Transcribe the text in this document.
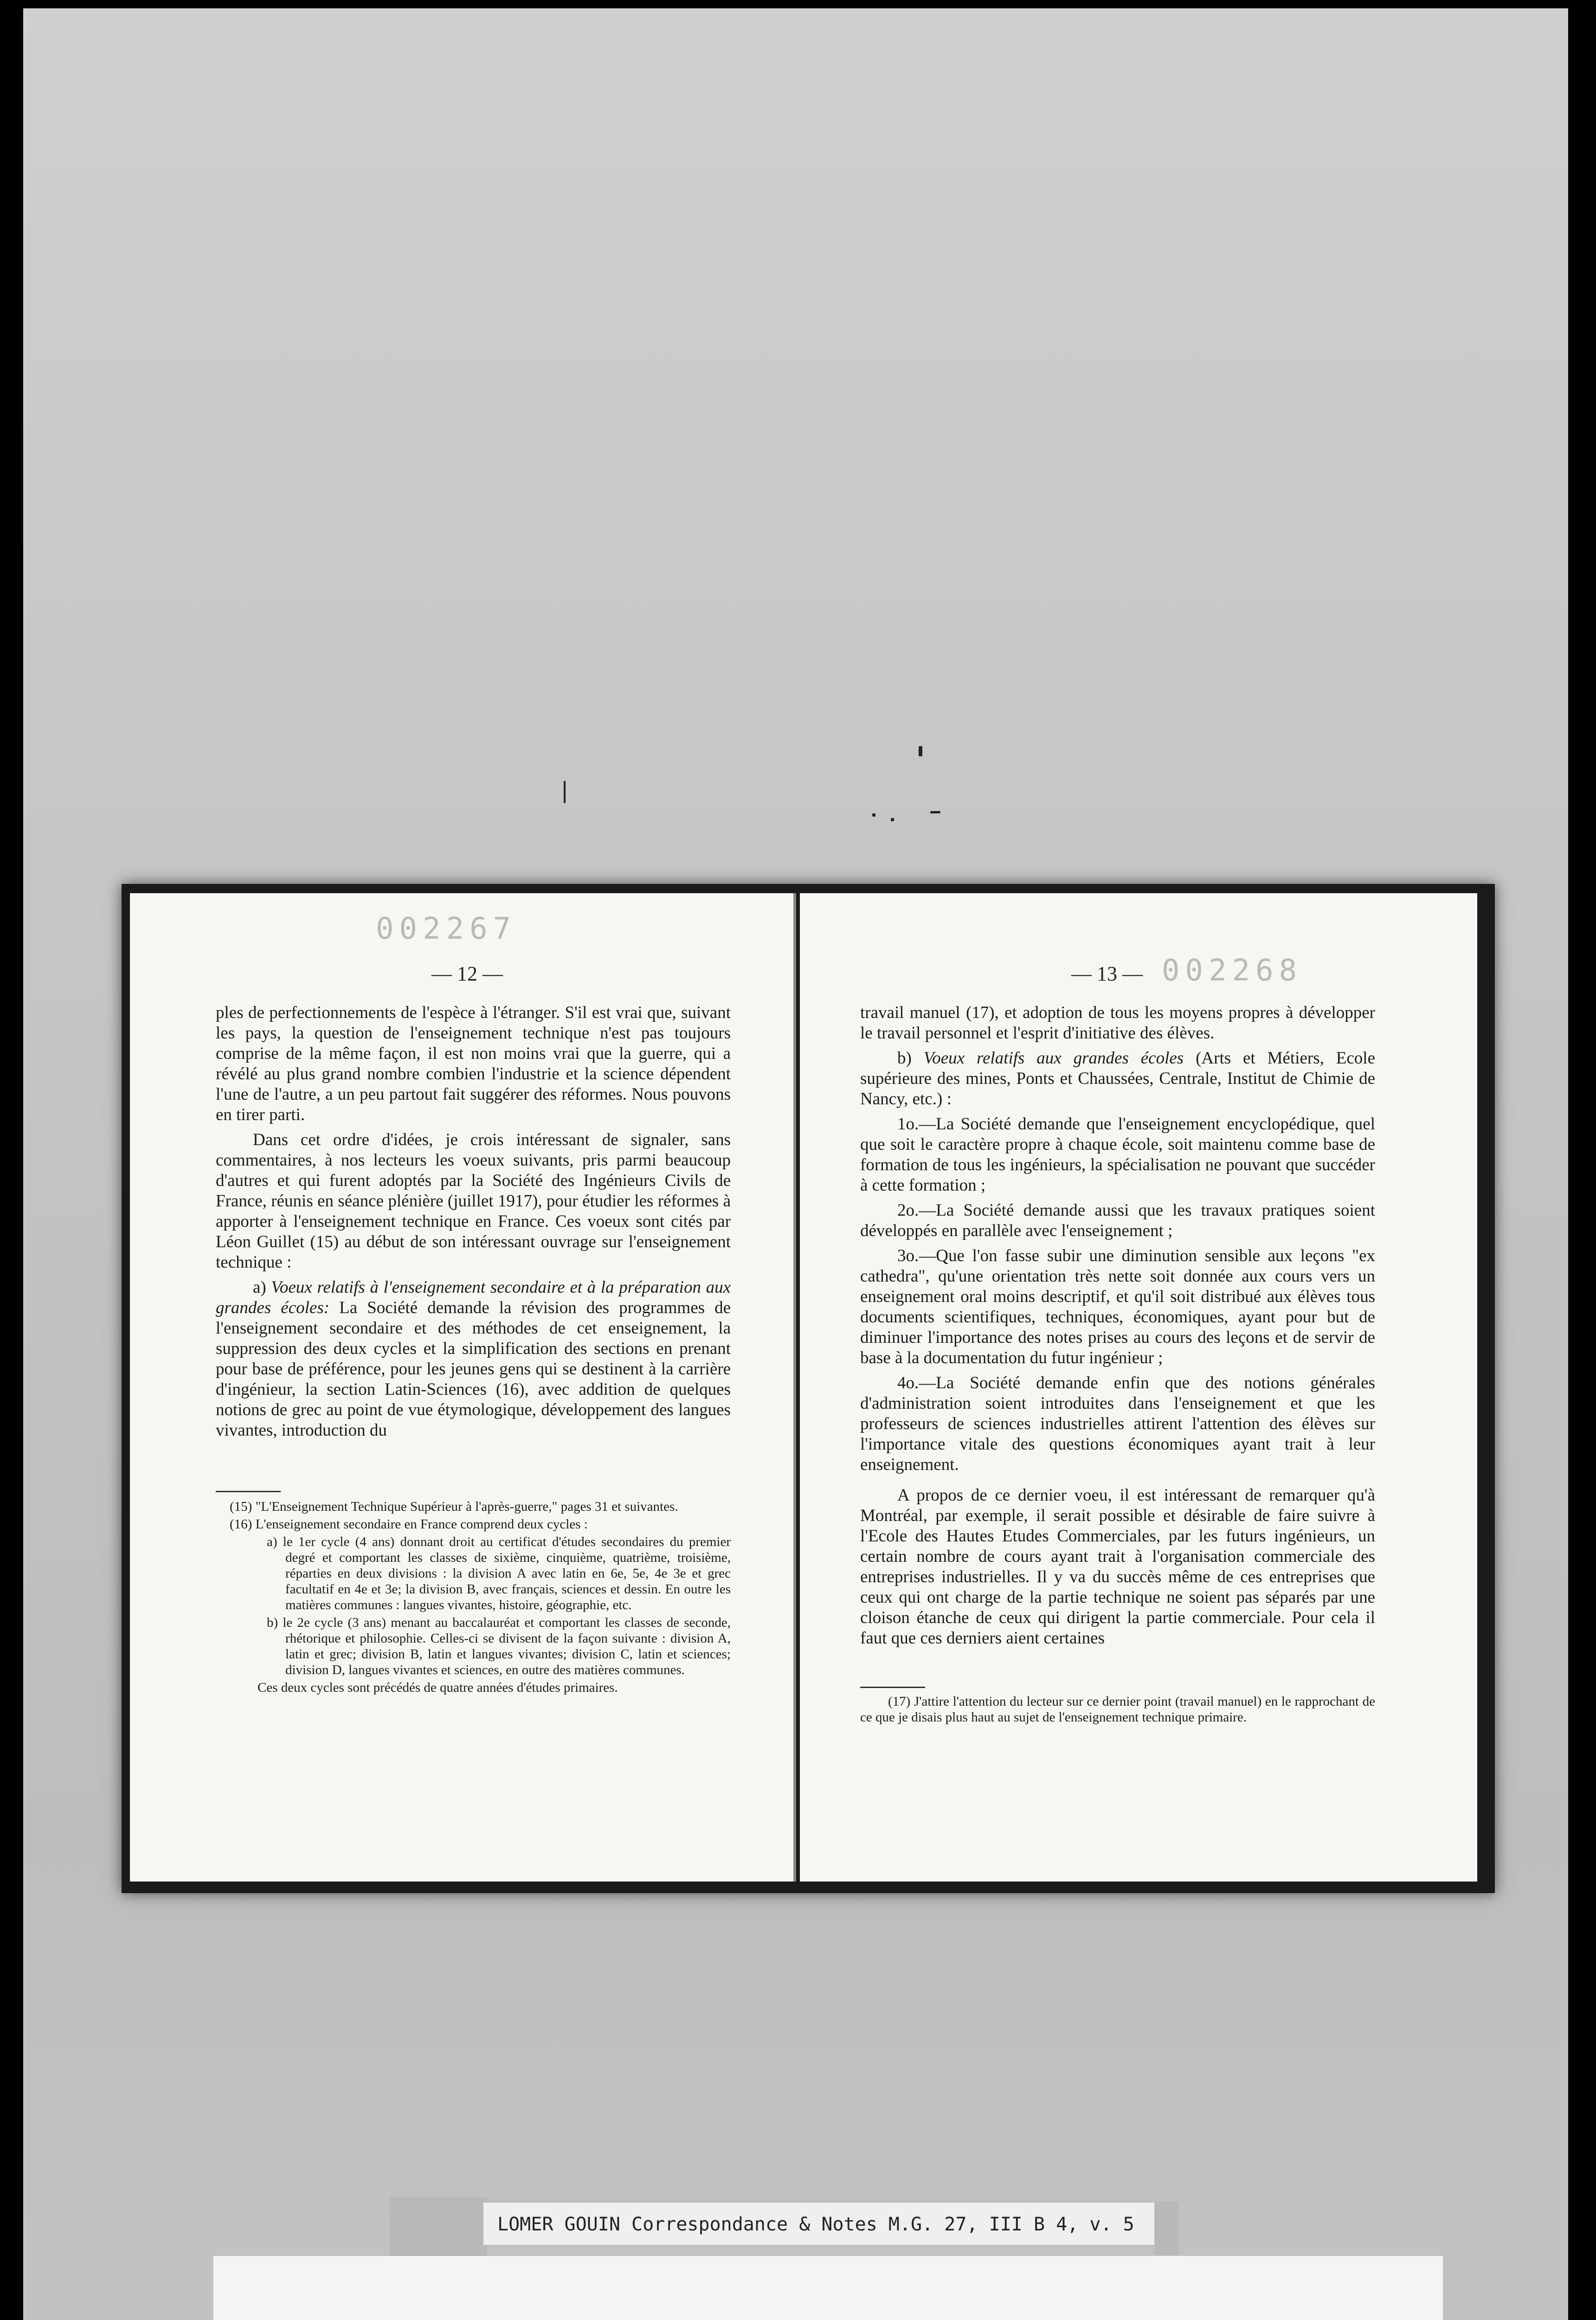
002267
— 12 —

ples de perfectionnements de l'espèce à l'étranger. S'il est vrai que, suivant les pays, la question de l'enseignement technique n'est pas toujours comprise de la même façon, il est non moins vrai que la guerre, qui a révélé au plus grand nombre combien l'industrie et la science dépendent l'une de l'autre, a un peu partout fait suggérer des réformes. Nous pouvons en tirer parti.

Dans cet ordre d'idées, je crois intéressant de signaler, sans commentaires, à nos lecteurs les voeux suivants, pris parmi beaucoup d'autres et qui furent adoptés par la Société des Ingénieurs Civils de France, réunis en séance plénière (juillet 1917), pour étudier les réformes à apporter à l'enseignement technique en France. Ces voeux sont cités par Léon Guillet (15) au début de son intéressant ouvrage sur l'enseignement technique :

a) Voeux relatifs à l'enseignement secondaire et à la préparation aux grandes écoles: La Société demande la révision des programmes de l'enseignement secondaire et des méthodes de cet enseignement, la suppression des deux cycles et la simplification des sections en prenant pour base de préférence, pour les jeunes gens qui se destinent à la carrière d'ingénieur, la section Latin-Sciences (16), avec addition de quelques notions de grec au point de vue étymologique, développement des langues vivantes, introduction du

(15) "L'Enseignement Technique Supérieur à l'après-guerre," pages 31 et suivantes.

(16) L'enseignement secondaire en France comprend deux cycles :

a) le 1er cycle (4 ans) donnant droit au certificat d'études secondaires du premier degré et comportant les classes de sixième, cinquième, quatrième, troisième, réparties en deux divisions : la division A avec latin en 6e, 5e, 4e 3e et grec facultatif en 4e et 3e; la division B, avec français, sciences et dessin. En outre les matières communes : langues vivantes, histoire, géographie, etc.

b) le 2e cycle (3 ans) menant au baccalauréat et comportant les classes de seconde, rhétorique et philosophie. Celles-ci se divisent de la façon suivante : division A, latin et grec; division B, latin et langues vivantes; division C, latin et sciences; division D, langues vivantes et sciences, en outre des matières communes.

Ces deux cycles sont précédés de quatre années d'études primaires.

— 13 — 002268

travail manuel (17), et adoption de tous les moyens propres à développer le travail personnel et l'esprit d'initiative des élèves.

b) Voeux relatifs aux grandes écoles (Arts et Métiers, Ecole supérieure des mines, Ponts et Chaussées, Centrale, Institut de Chimie de Nancy, etc.) :

1o.—La Société demande que l'enseignement encyclopédique, quel que soit le caractère propre à chaque école, soit maintenu comme base de formation de tous les ingénieurs, la spécialisation ne pouvant que succéder à cette formation ;

2o.—La Société demande aussi que les travaux pratiques soient développés en parallèle avec l'enseignement ;

3o.—Que l'on fasse subir une diminution sensible aux leçons "ex cathedra", qu'une orientation très nette soit donnée aux cours vers un enseignement oral moins descriptif, et qu'il soit distribué aux élèves tous documents scientifiques, techniques, économiques, ayant pour but de diminuer l'importance des notes prises au cours des leçons et de servir de base à la documentation du futur ingénieur ;

4o.—La Société demande enfin que des notions générales d'administration soient introduites dans l'enseignement et que les professeurs de sciences industrielles attirent l'attention des élèves sur l'importance vitale des questions économiques ayant trait à leur enseignement.

A propos de ce dernier voeu, il est intéressant de remarquer qu'à Montréal, par exemple, il serait possible et désirable de faire suivre à l'Ecole des Hautes Etudes Commerciales, par les futurs ingénieurs, un certain nombre de cours ayant trait à l'organisation commerciale des entreprises industrielles. Il y va du succès même de ces entreprises que ceux qui ont charge de la partie technique ne soient pas séparés par une cloison étanche de ceux qui dirigent la partie commerciale. Pour cela il faut que ces derniers aient certaines

(17) J'attire l'attention du lecteur sur ce dernier point (travail manuel) en le rapprochant de ce que je disais plus haut au sujet de l'enseignement technique primaire.

LOMER GOUIN Correspondance & Notes M.G. 27, III B 4, v. 5
